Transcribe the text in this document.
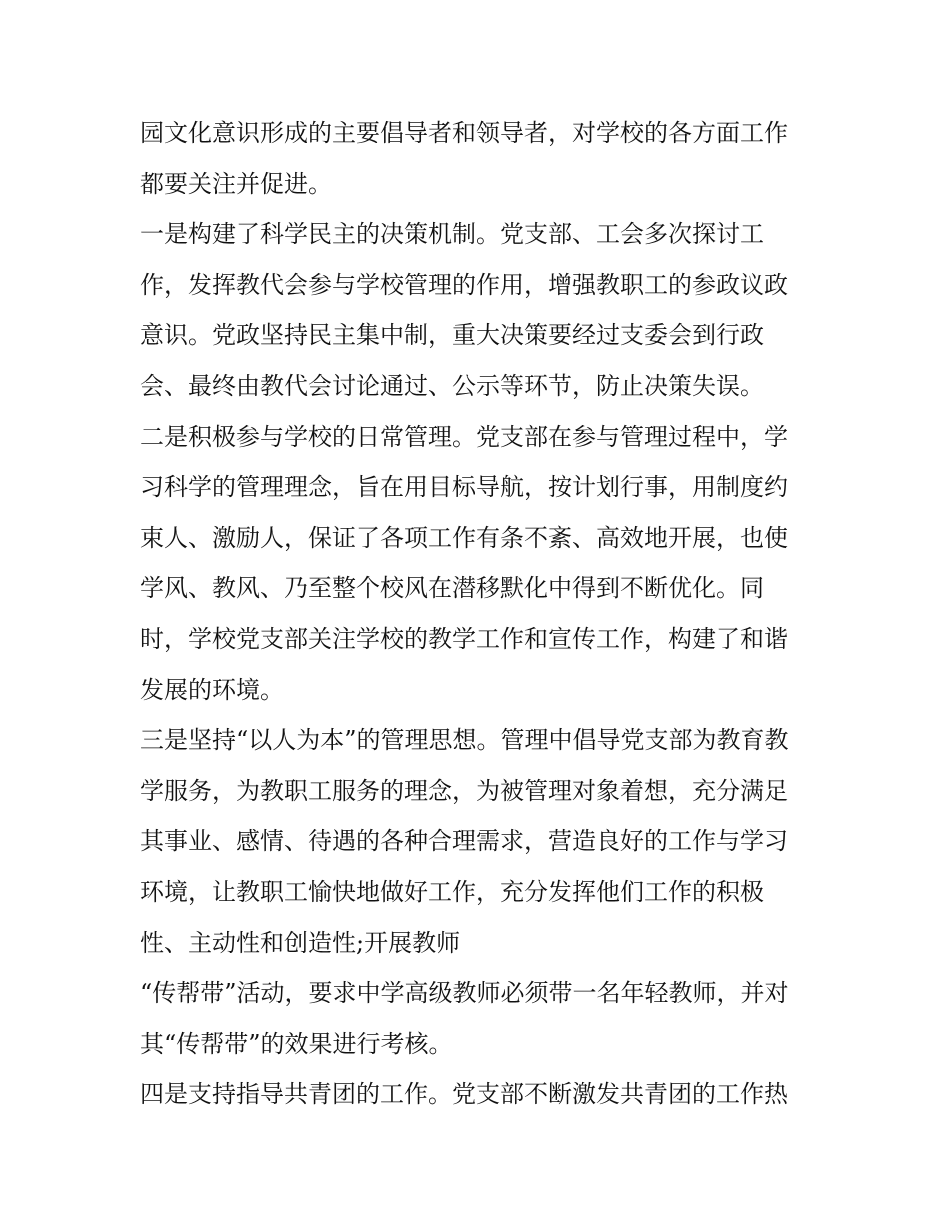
园文化意识形成的主要倡导者和领导者，对学校的各方面工作
都要关注并促进。
一是构建了科学民主的决策机制。党支部、工会多次探讨工
作，发挥教代会参与学校管理的作用，增强教职工的参政议政
意识。党政坚持民主集中制，重大决策要经过支委会到行政
会、最终由教代会讨论通过、公示等环节，防止决策失误。
二是积极参与学校的日常管理。党支部在参与管理过程中，学
习科学的管理理念，旨在用目标导航，按计划行事，用制度约
束人、激励人，保证了各项工作有条不紊、高效地开展，也使
学风、教风、乃至整个校风在潜移默化中得到不断优化。同
时，学校党支部关注学校的教学工作和宣传工作，构建了和谐
发展的环境。
三是坚持“以人为本”的管理思想。管理中倡导党支部为教育教
学服务，为教职工服务的理念，为被管理对象着想，充分满足
其事业、感情、待遇的各种合理需求，营造良好的工作与学习
环境，让教职工愉快地做好工作，充分发挥他们工作的积极
性、主动性和创造性;开展教师
“传帮带”活动，要求中学高级教师必须带一名年轻教师，并对
其“传帮带”的效果进行考核。
四是支持指导共青团的工作。党支部不断激发共青团的工作热
